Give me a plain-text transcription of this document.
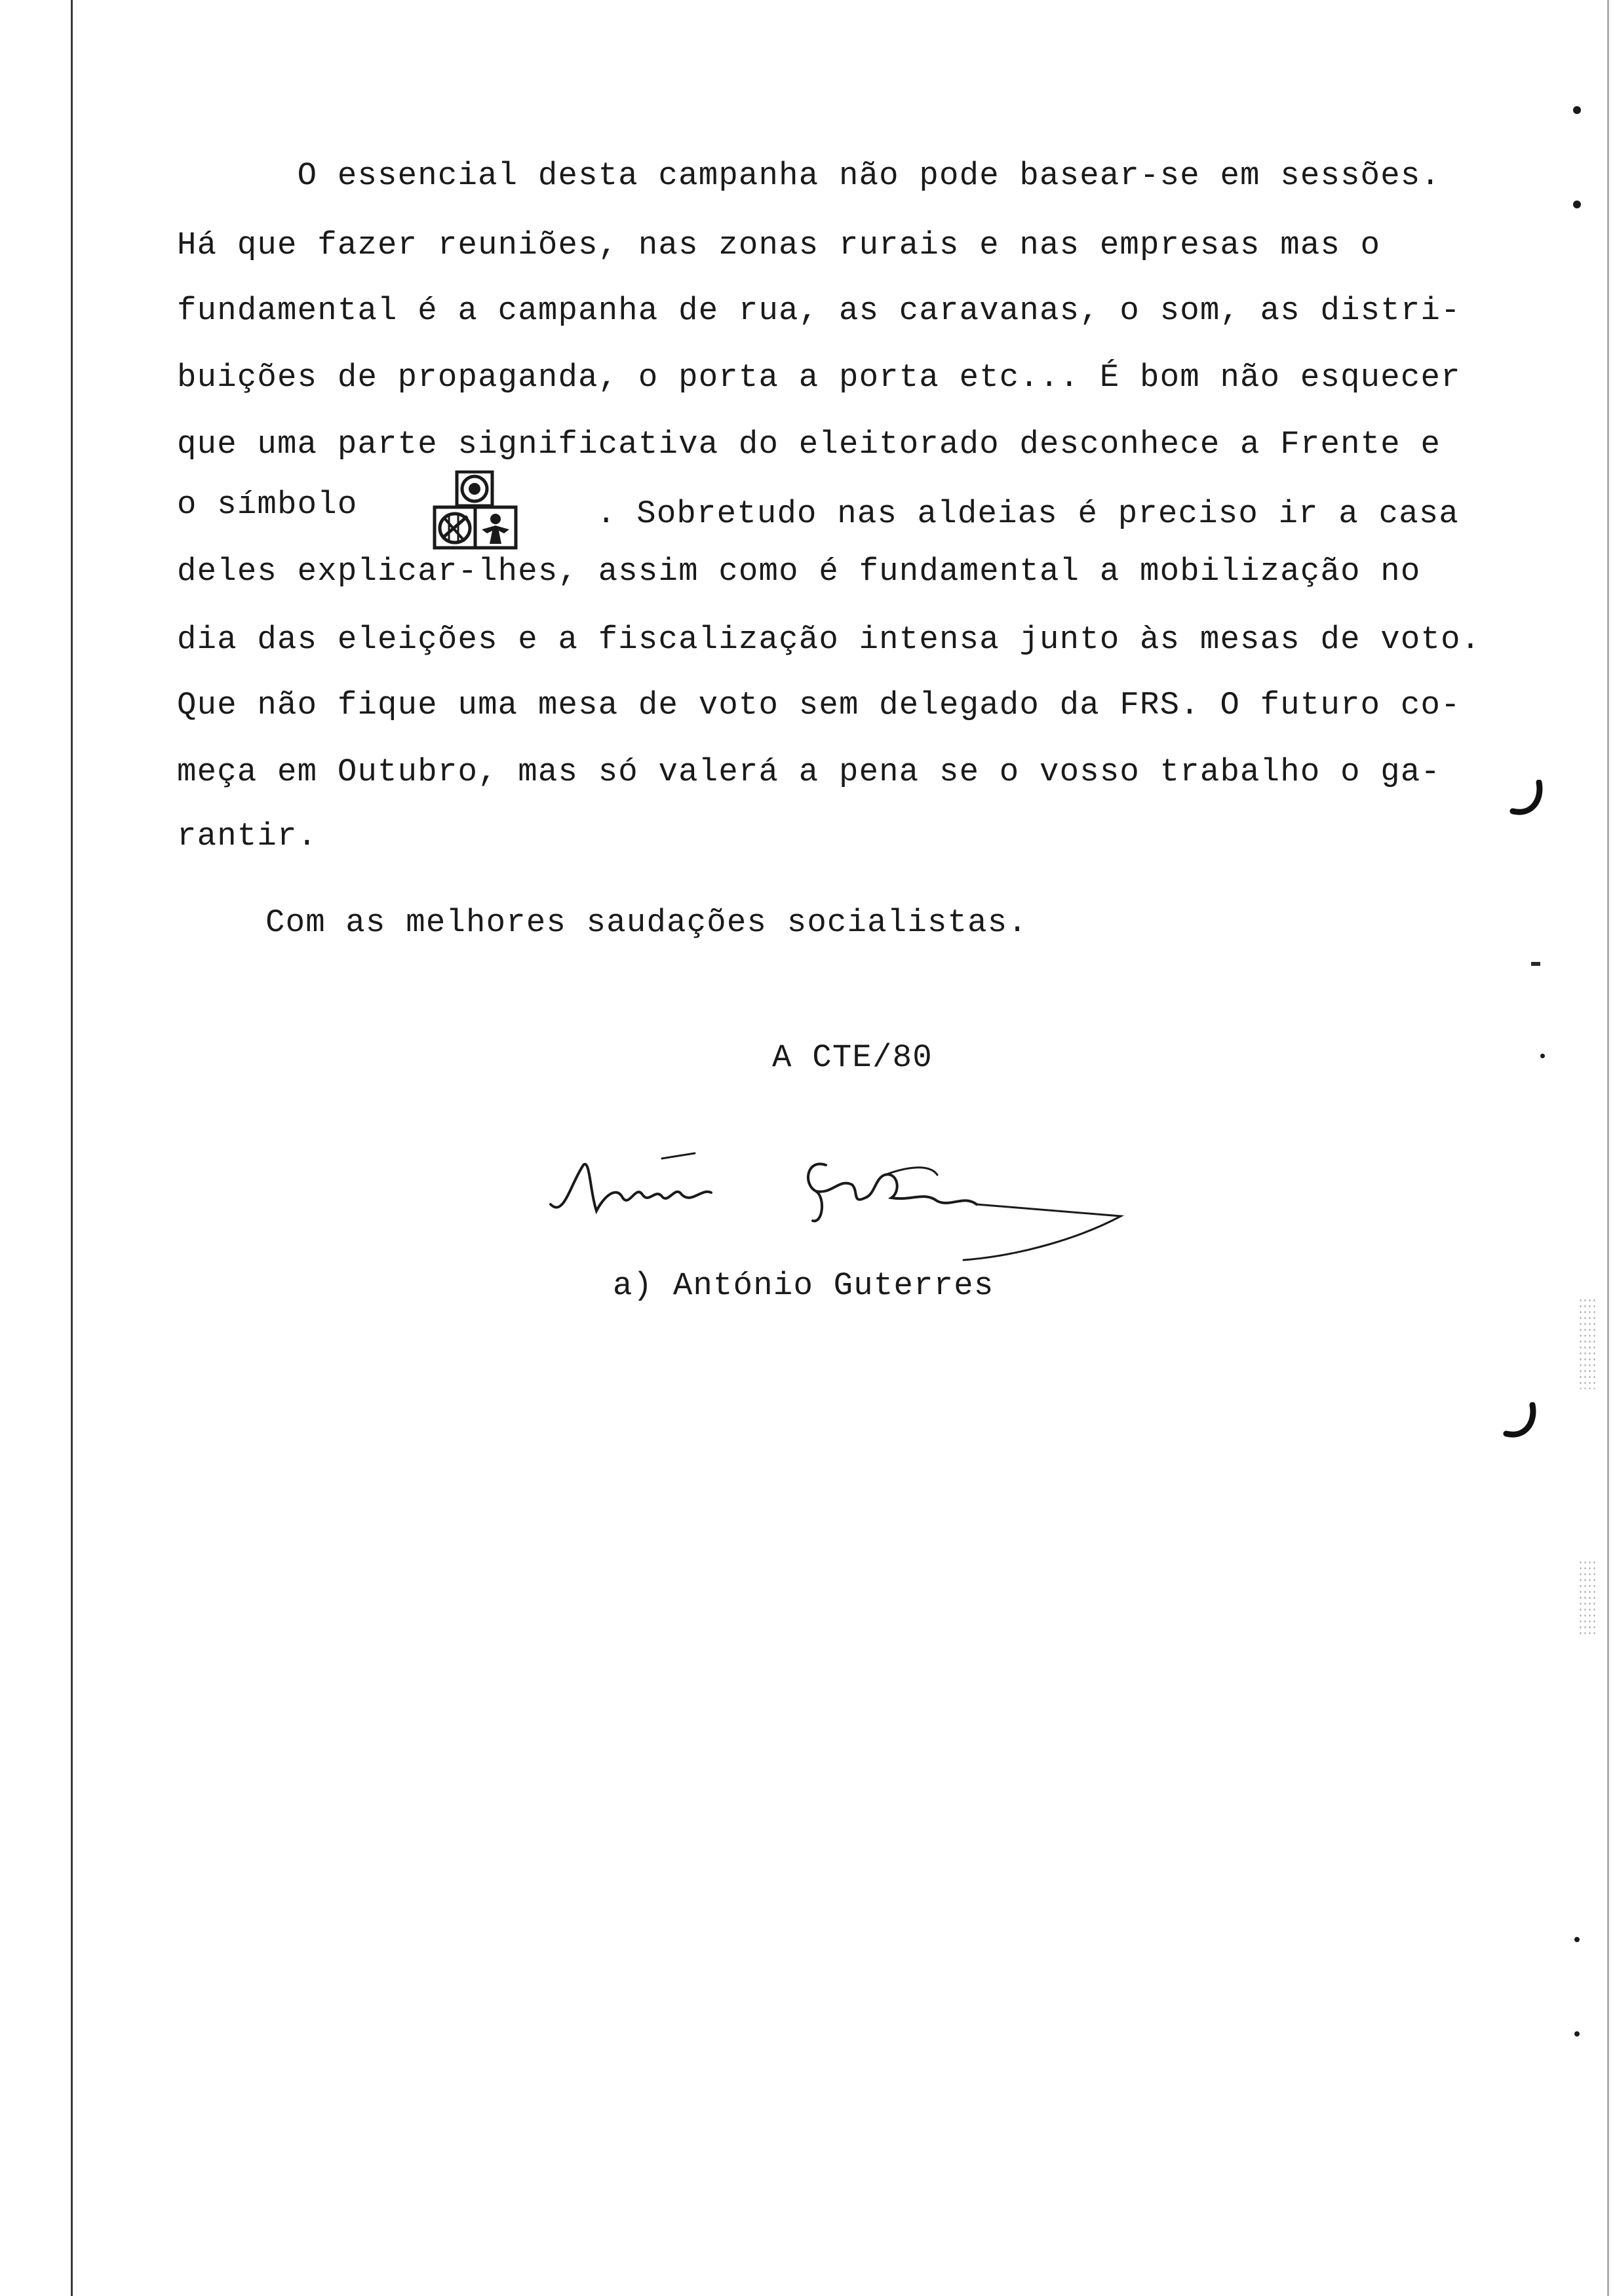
O essencial desta campanha não pode basear-se em sessões.
Há que fazer reuniões, nas zonas rurais e nas empresas mas o
fundamental é a campanha de rua, as caravanas, o som, as distri-
buições de propaganda, o porta a porta etc... É bom não esquecer
que uma parte significativa do eleitorado desconhece a Frente e
o símbolo	. Sobretudo nas aldeias é preciso ir a casa
deles explicar-lhes, assim como é fundamental a mobilização no
dia das eleições e a fiscalização intensa junto às mesas de voto.
Que não fique uma mesa de voto sem delegado da FRS. O futuro co-
meça em Outubro, mas só valerá a pena se o vosso trabalho o ga-
rantir.
Com as melhores saudações socialistas.
A CTE/80
a) António Guterres
